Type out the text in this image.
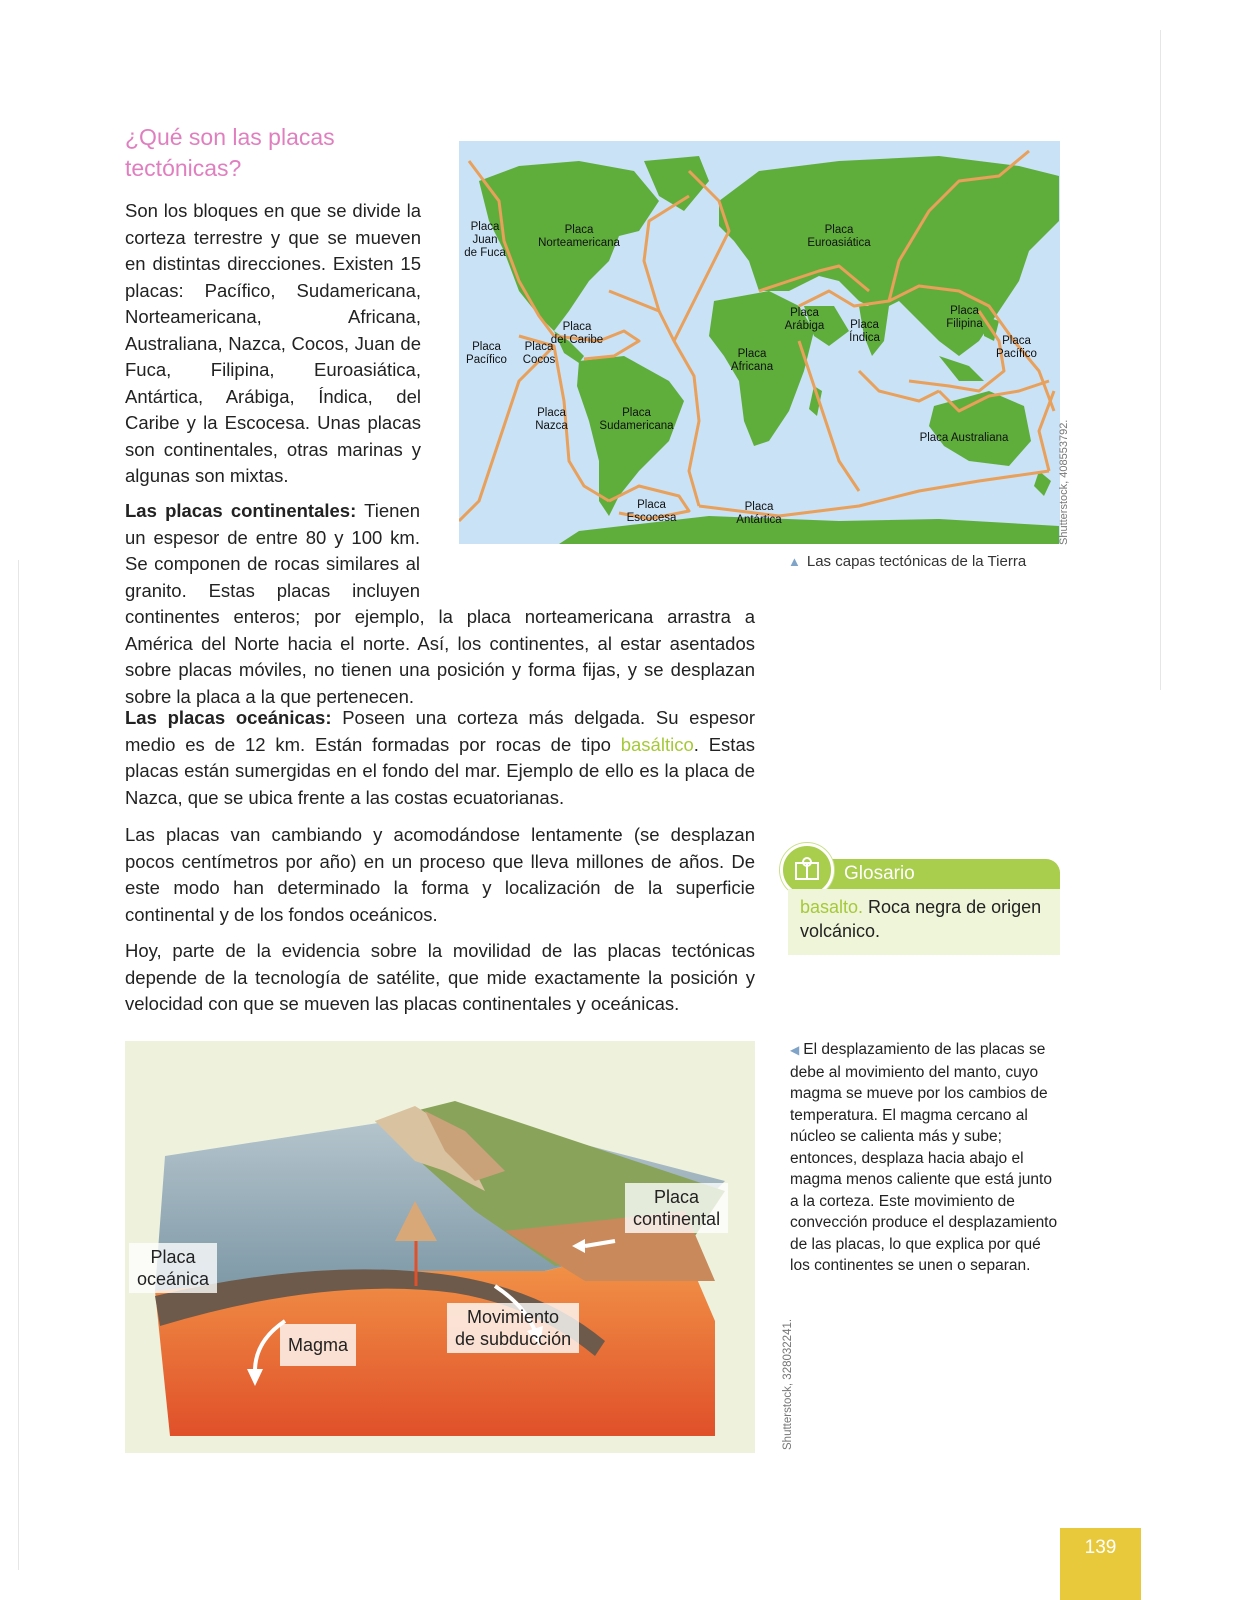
¿Qué son las placas tectónicas?
Son los bloques en que se divide la corteza terrestre y que se mueven en distintas direcciones. Existen 15 placas: Pacífico, Sudamericana, Norteamericana, Africana, Australiana, Nazca, Cocos, Juan de Fuca, Filipina, Euroasiática, Antártica, Arábiga, Índica, del Caribe y la Escocesa. Unas placas son continentales, otras marinas y algunas son mixtas.
Placa
Juan
de Fuca
Placa
Norteamericana
Placa
Euroasiática
Placa
Pacífico
Placa
Cocos
Placa
del Caribe
Placa
Arábiga	Placa
Índica
Placa
Filipina
Placa
Pacífico
Placa
Africana
Placa
Nazca
Placa
Sudamericana
Placa Australiana
Placa
Escocesa
Placa
Antártica	Shutterstock, 408553792.
▲ Las capas tectónicas de la Tierra
Las placas continentales: Tienen un espesor de entre 80 y 100 km. Se componen de rocas similares al granito. Estas placas incluyen continentes enteros; por ejemplo, la placa norteamericana arrastra a América del Norte hacia el norte. Así, los continentes, al estar asentados sobre placas móviles, no tienen una posición y forma fijas, y se desplazan sobre la placa a la que pertenecen.
Las placas oceánicas: Poseen una corteza más delgada. Su espesor medio es de 12 km. Están formadas por rocas de tipo basáltico. Estas placas están sumergidas en el fondo del mar. Ejemplo de ello es la placa de Nazca, que se ubica frente a las costas ecuatorianas.
Las placas van cambiando y acomodándose lentamente (se desplazan pocos centímetros por año) en un proceso que lleva millones de años. De este modo han determinado la forma y localización de la superficie continental y de los fondos oceánicos.
Hoy, parte de la evidencia sobre la movilidad de las placas tectónicas depende de la tecnología de satélite, que mide exactamente la posición y velocidad con que se mueven las placas continentales y oceánicas.
Glosario
basalto. Roca negra de origen volcánico.
Placa
oceánica
Placa
continental
Magma
Movimiento
de subducción	Shutterstock, 328032241.
◀ El desplazamiento de las placas se debe al movimiento del manto, cuyo magma se mueve por los cambios de temperatura. El magma cercano al núcleo se calienta más y sube; entonces, desplaza hacia abajo el magma menos caliente que está junto a la corteza. Este movimiento de convección produce el desplazamiento de las placas, lo que explica por qué los continentes se unen o separan.
139
